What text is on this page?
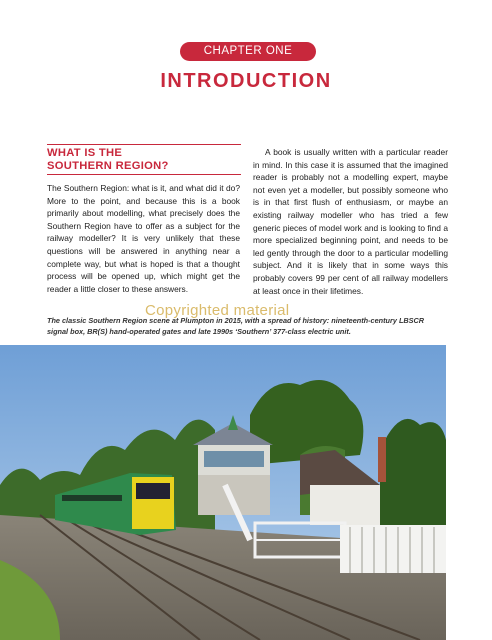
CHAPTER ONE
INTRODUCTION
WHAT IS THE
SOUTHERN REGION?

The Southern Region: what is it, and what did it do? More to the point, and because this is a book primarily about modelling, what precisely does the Southern Region have to offer as a subject for the railway modeller? It is very unlikely that these questions will be answered in anything near a complete way, but what is hoped is that a thought process will be opened up, which might get the reader a little closer to these answers.

A book is usually written with a particular reader in mind. In this case it is assumed that the imagined reader is probably not a modelling expert, maybe not even yet a modeller, but possibly someone who is in that first flush of enthusiasm, or maybe an existing railway modeller who has tried a few generic pieces of model work and is looking to find a more specialized beginning point, and needs to be led gently through the door to a particular modelling subject. And it is likely that in some ways this probably covers 99 per cent of all railway modellers at least once in their lifetimes.

Copyrighted material
The classic Southern Region scene at Plumpton in 2015, with a spread of history: nineteenth-century LBSCR signal box, BR(S) hand-operated gates and late 1990s ‘Southern’ 377-class electric unit.
